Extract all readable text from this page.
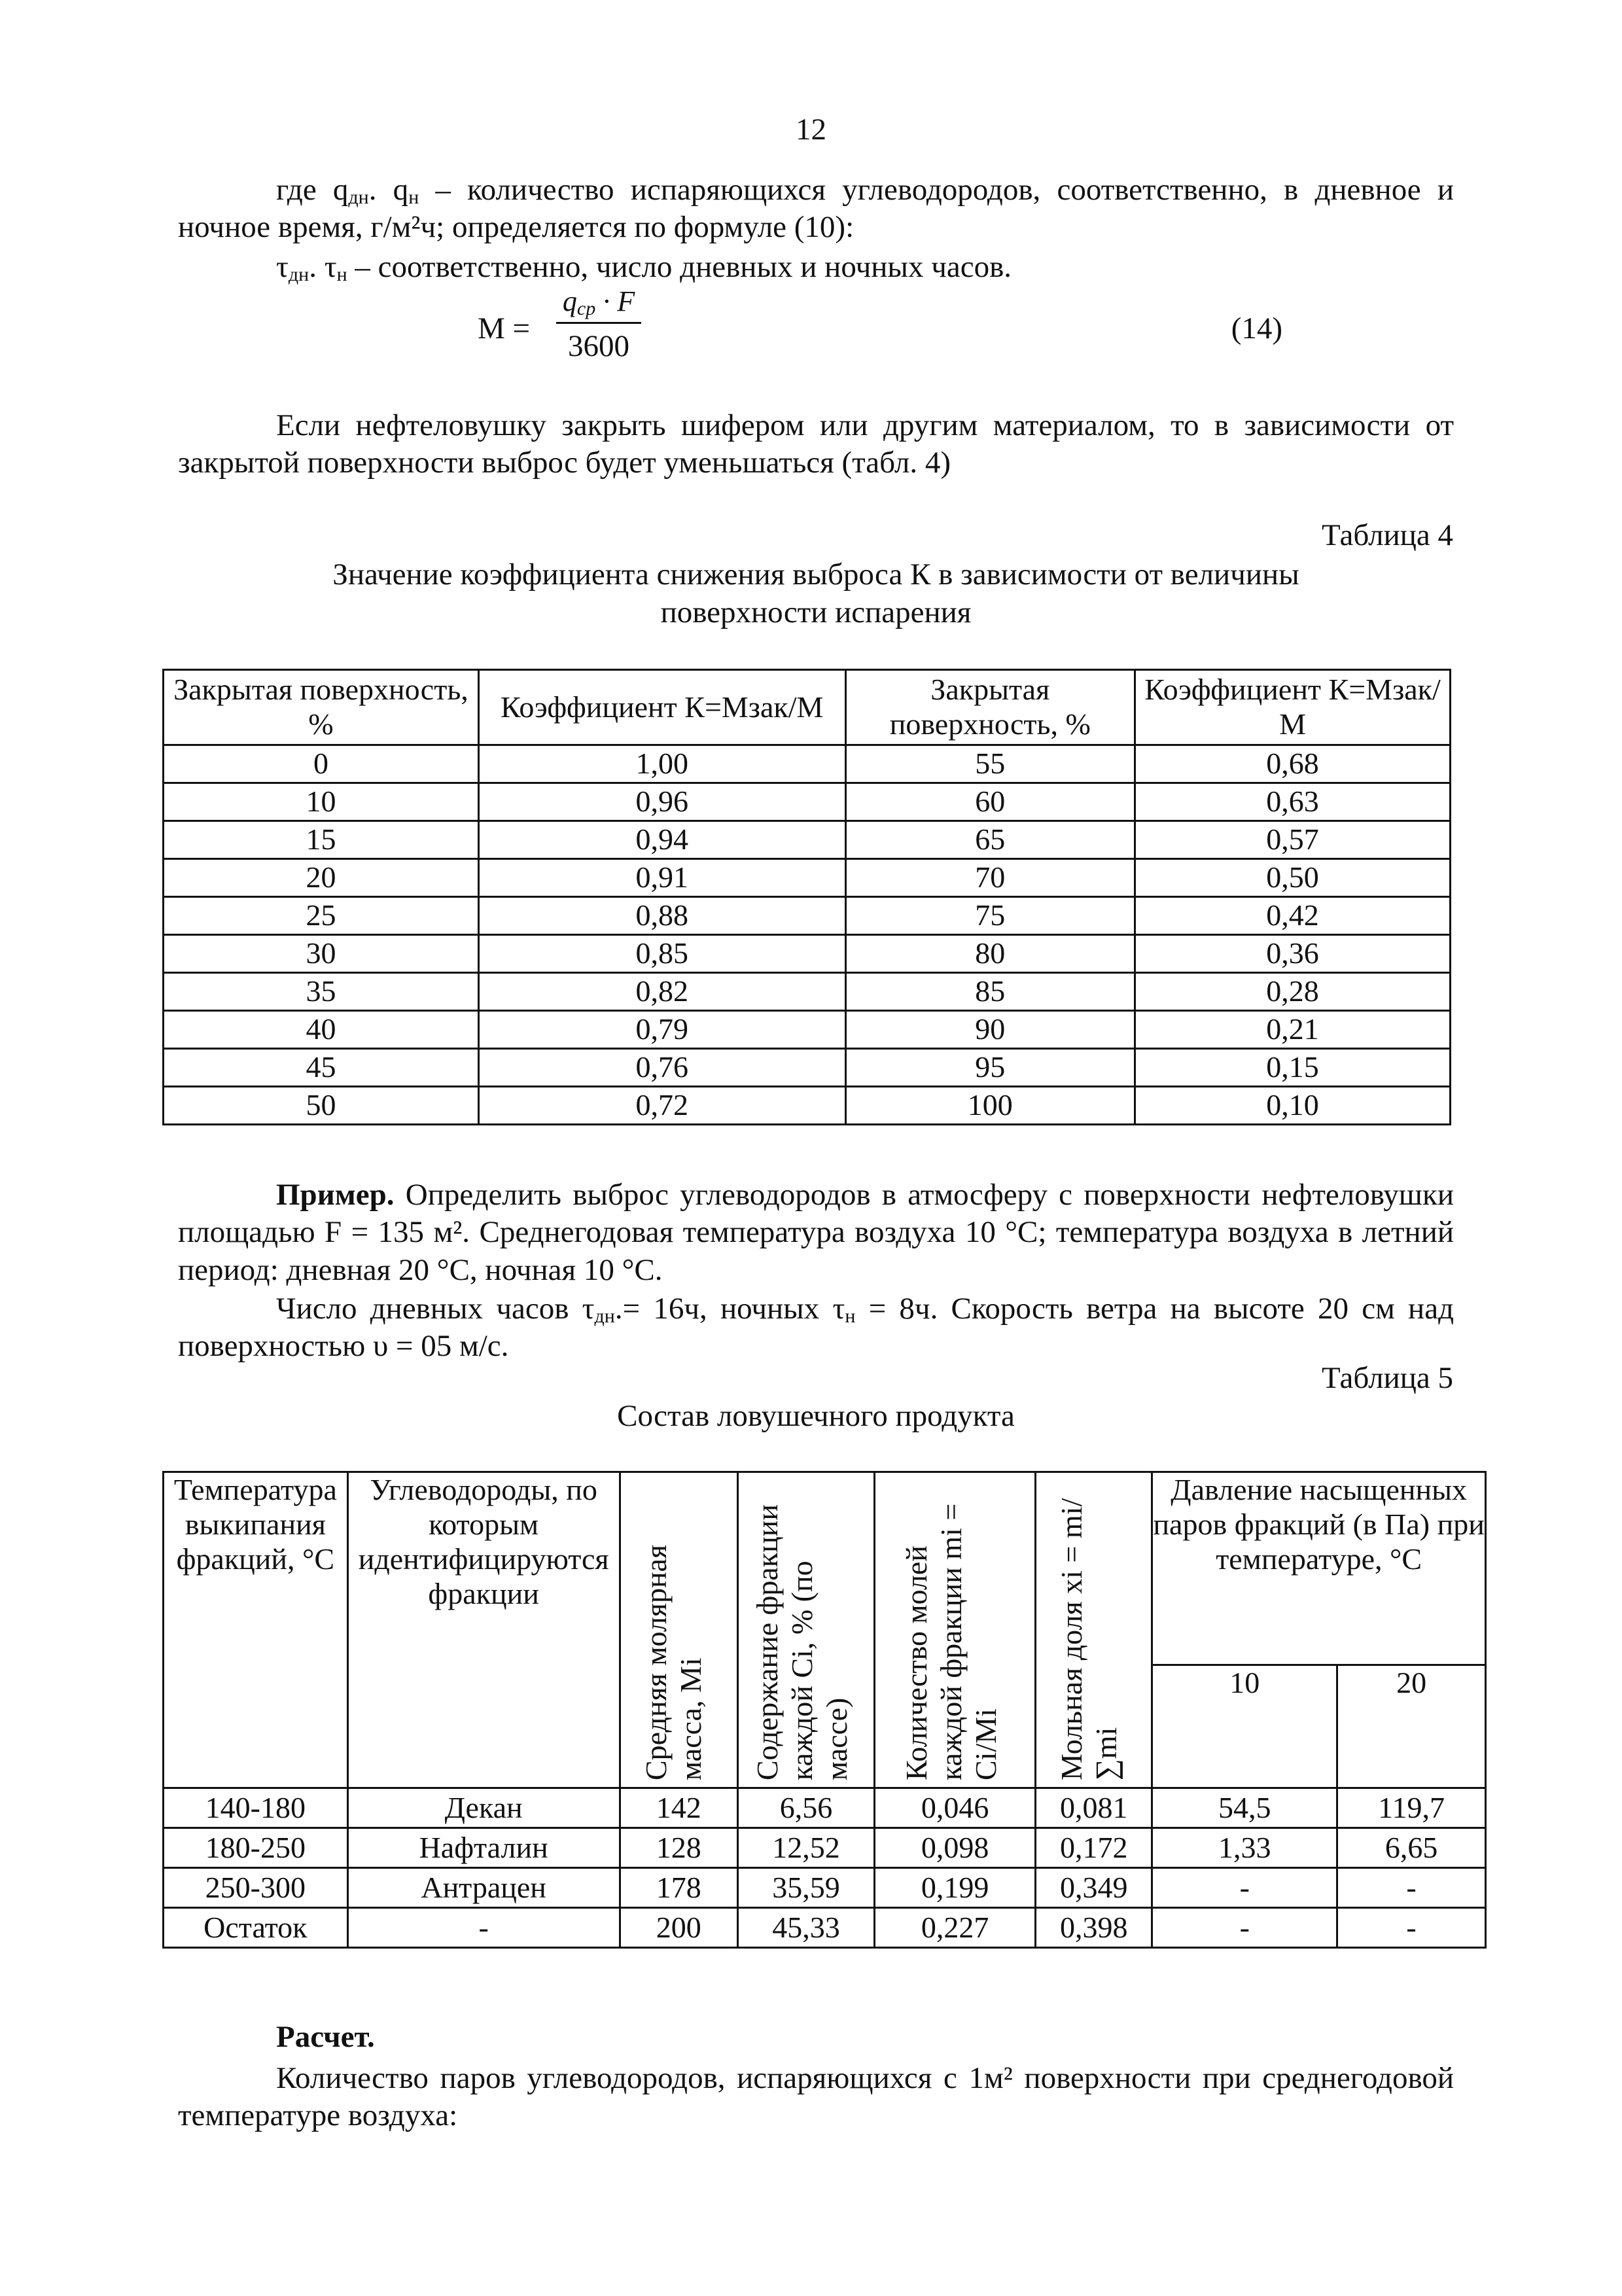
12
где $q_{дн}$. $q_н$ – количество испаряющихся углеводородов, соответственно, в дневное и ночное время, г/м²ч; определяется по формуле (10):
$\tau_{дн}$. $\tau_н$ – соответственно, число дневных и ночных часов.
M =
$q_{ср} \cdot F$
3600
(14)
Если нефтеловушку закрыть шифером или другим материалом, то в зависимости от закрытой поверхности выброс будет уменьшаться (табл. 4)
Таблица 4
Значение коэффициента снижения выброса К в зависимости от величины
поверхности испарения
Закрытая поверхность, %	Коэффициент К=Мзак/М	Закрытая поверхность, %	Коэффициент К=Мзак/М
0	1,00	55	0,68
10	0,96	60	0,63
15	0,94	65	0,57
20	0,91	70	0,50
25	0,88	75	0,42
30	0,85	80	0,36
35	0,82	85	0,28
40	0,79	90	0,21
45	0,76	95	0,15
50	0,72	100	0,10
Пример. Определить выброс углеводородов в атмосферу с поверхности нефтеловушки площадью F = 135 м². Среднегодовая температура воздуха 10 °С; температура воздуха в летний период: дневная 20 °С, ночная 10 °С.
Число дневных часов $\tau_{дн}.= 16ч$, ночных $\tau_н = 8ч$. Скорость ветра на высоте 20 см над поверхностью υ = 05 м/с.
Таблица 5
Состав ловушечного продукта
Температура выкипания фракций, °С	Углеводороды, по которым идентифицируются фракции	Средняя молярная масса, Mi	Содержание фракции каждой Ci, % (по массе)	Количество молей каждой фракции mi = Ci/Mi	Мольная доля xi = mi/∑mi	Давление насыщенных паров фракций (в Па) при температуре, °С	
						10	20
140-180	Декан	142	6,56	0,046	0,081	54,5	119,7
180-250	Нафталин	128	12,52	0,098	0,172	1,33	6,65
250-300	Антрацен	178	35,59	0,199	0,349	-	-
Остаток	-	200	45,33	0,227	0,398	-	-
Расчет.
Количество паров углеводородов, испаряющихся с 1м² поверхности при среднегодовой температуре воздуха:
